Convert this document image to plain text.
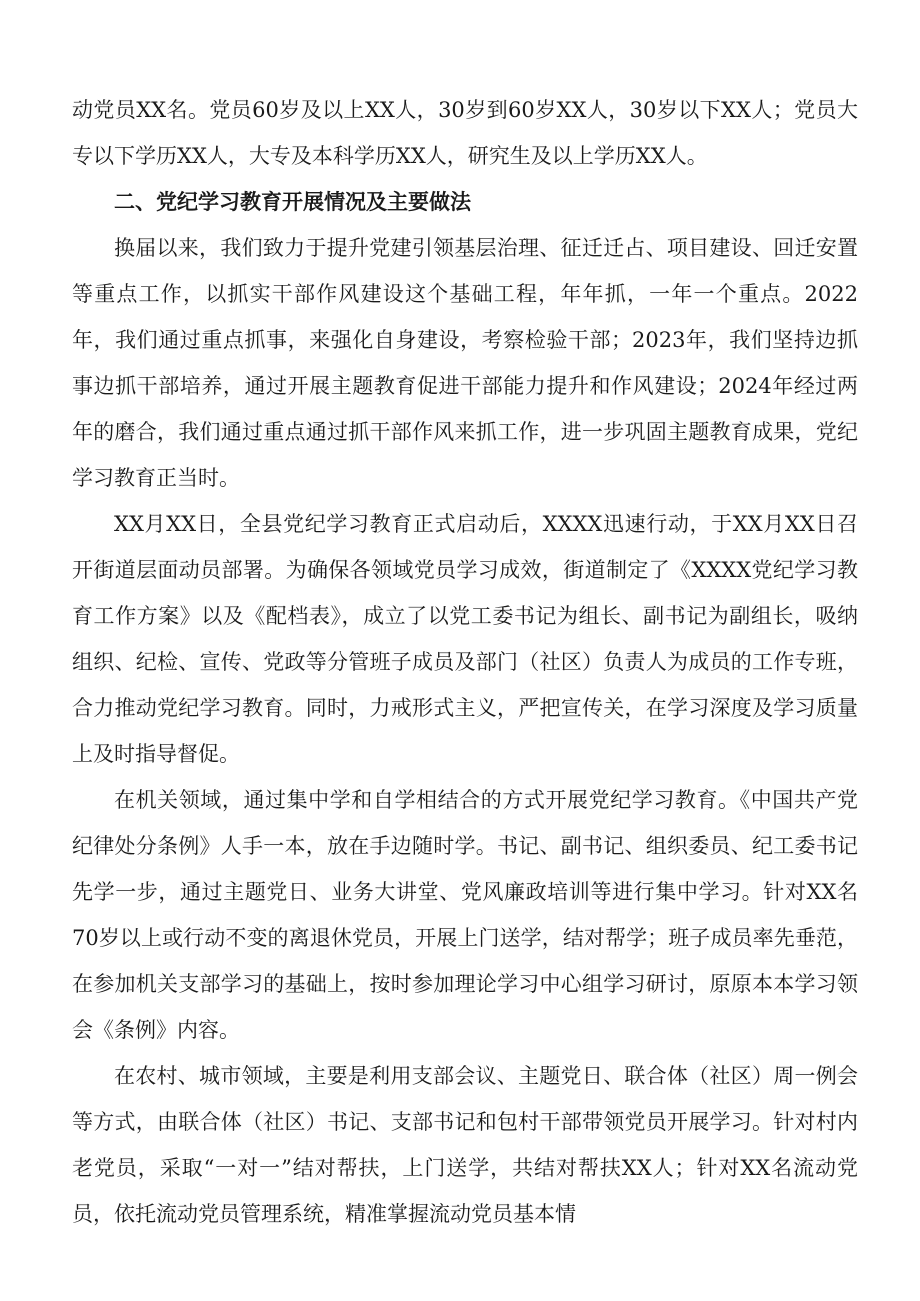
动党员XX名。党员60岁及以上XX人，30岁到60岁XX人，30岁以下XX人；党员大专以下学历XX人，大专及本科学历XX人，研究生及以上学历XX人。

二、党纪学习教育开展情况及主要做法

换届以来，我们致力于提升党建引领基层治理、征迁迁占、项目建设、回迁安置等重点工作，以抓实干部作风建设这个基础工程，年年抓，一年一个重点。2022年，我们通过重点抓事，来强化自身建设，考察检验干部；2023年，我们坚持边抓事边抓干部培养，通过开展主题教育促进干部能力提升和作风建设；2024年经过两年的磨合，我们通过重点通过抓干部作风来抓工作，进一步巩固主题教育成果，党纪学习教育正当时。

XX月XX日，全县党纪学习教育正式启动后，XXXX迅速行动，于XX月XX日召开街道层面动员部署。为确保各领域党员学习成效，街道制定了《XXXX党纪学习教育工作方案》以及《配档表》，成立了以党工委书记为组长、副书记为副组长，吸纳组织、纪检、宣传、党政等分管班子成员及部门（社区）负责人为成员的工作专班，合力推动党纪学习教育。同时，力戒形式主义，严把宣传关，在学习深度及学习质量上及时指导督促。

在机关领域，通过集中学和自学相结合的方式开展党纪学习教育。《中国共产党纪律处分条例》人手一本，放在手边随时学。书记、副书记、组织委员、纪工委书记先学一步，通过主题党日、业务大讲堂、党风廉政培训等进行集中学习。针对XX名70岁以上或行动不变的离退休党员，开展上门送学，结对帮学；班子成员率先垂范，在参加机关支部学习的基础上，按时参加理论学习中心组学习研讨，原原本本学习领会《条例》内容。

在农村、城市领域，主要是利用支部会议、主题党日、联合体（社区）周一例会等方式，由联合体（社区）书记、支部书记和包村干部带领党员开展学习。针对村内老党员，采取“一对一”结对帮扶，上门送学，共结对帮扶XX人；针对XX名流动党员，依托流动党员管理系统，精准掌握流动党员基本情
